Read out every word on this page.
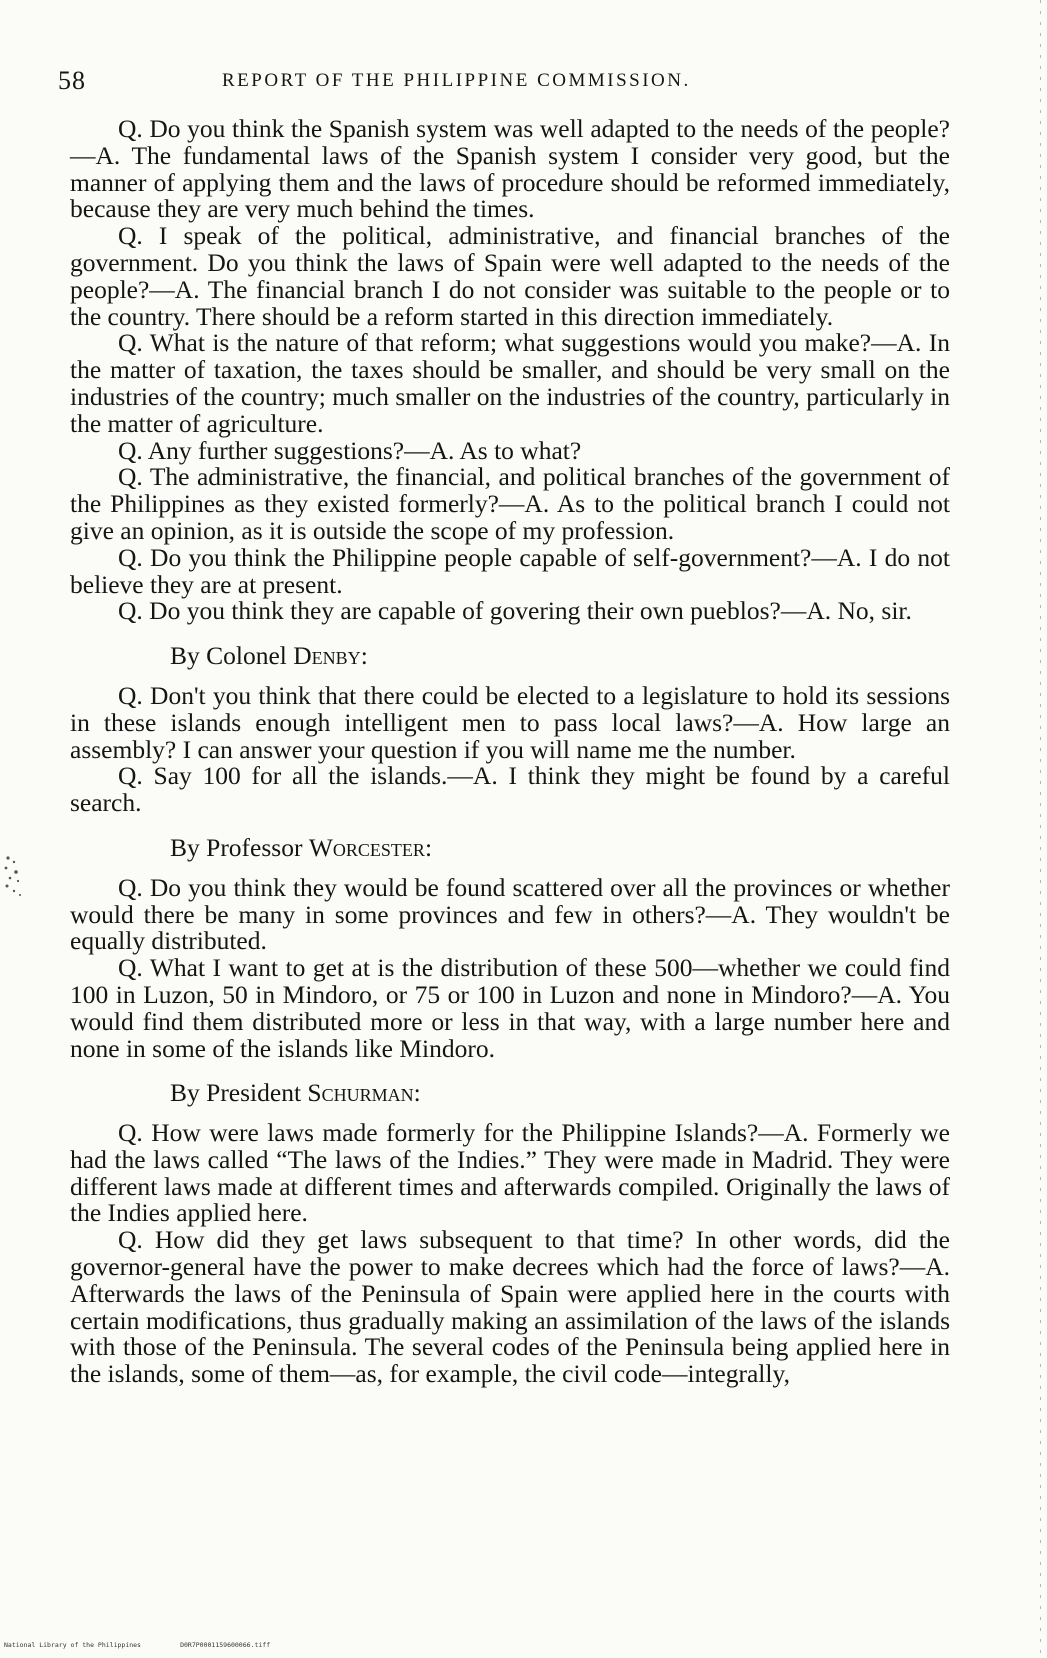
58	REPORT OF THE PHILIPPINE COMMISSION.

Q. Do you think the Spanish system was well adapted to the needs of the people?—A. The fundamental laws of the Spanish system I consider very good, but the manner of applying them and the laws of procedure should be reformed immediately, because they are very much behind the times.

Q. I speak of the political, administrative, and financial branches of the government. Do you think the laws of Spain were well adapted to the needs of the people?—A. The financial branch I do not consider was suitable to the people or to the country. There should be a reform started in this direction immediately.

Q. What is the nature of that reform; what suggestions would you make?—A. In the matter of taxation, the taxes should be smaller, and should be very small on the industries of the country; much smaller on the industries of the country, particularly in the matter of agriculture.

Q. Any further suggestions?—A. As to what?

Q. The administrative, the financial, and political branches of the government of the Philippines as they existed formerly?—A. As to the political branch I could not give an opinion, as it is outside the scope of my profession.

Q. Do you think the Philippine people capable of self-government?—A. I do not believe they are at present.

Q. Do you think they are capable of govering their own pueblos?—A. No, sir.

By Colonel Denby:

Q. Don't you think that there could be elected to a legislature to hold its sessions in these islands enough intelligent men to pass local laws?—A. How large an assembly? I can answer your question if you will name me the number.

Q. Say 100 for all the islands.—A. I think they might be found by a careful search.

By Professor Worcester:

Q. Do you think they would be found scattered over all the provinces or whether would there be many in some provinces and few in others?—A. They wouldn't be equally distributed.

Q. What I want to get at is the distribution of these 500—whether we could find 100 in Luzon, 50 in Mindoro, or 75 or 100 in Luzon and none in Mindoro?—A. You would find them distributed more or less in that way, with a large number here and none in some of the islands like Mindoro.

By President Schurman:

Q. How were laws made formerly for the Philippine Islands?—A. Formerly we had the laws called “The laws of the Indies.” They were made in Madrid. They were different laws made at different times and afterwards compiled. Originally the laws of the Indies applied here.

Q. How did they get laws subsequent to that time? In other words, did the governor-general have the power to make decrees which had the force of laws?—A. Afterwards the laws of the Peninsula of Spain were applied here in the courts with certain modifications, thus gradually making an assimilation of the laws of the islands with those of the Peninsula. The several codes of the Peninsula being applied here in the islands, some of them—as, for example, the civil code—integrally,

National Library of the Philippines	D0R7P0001159600066.tiff
